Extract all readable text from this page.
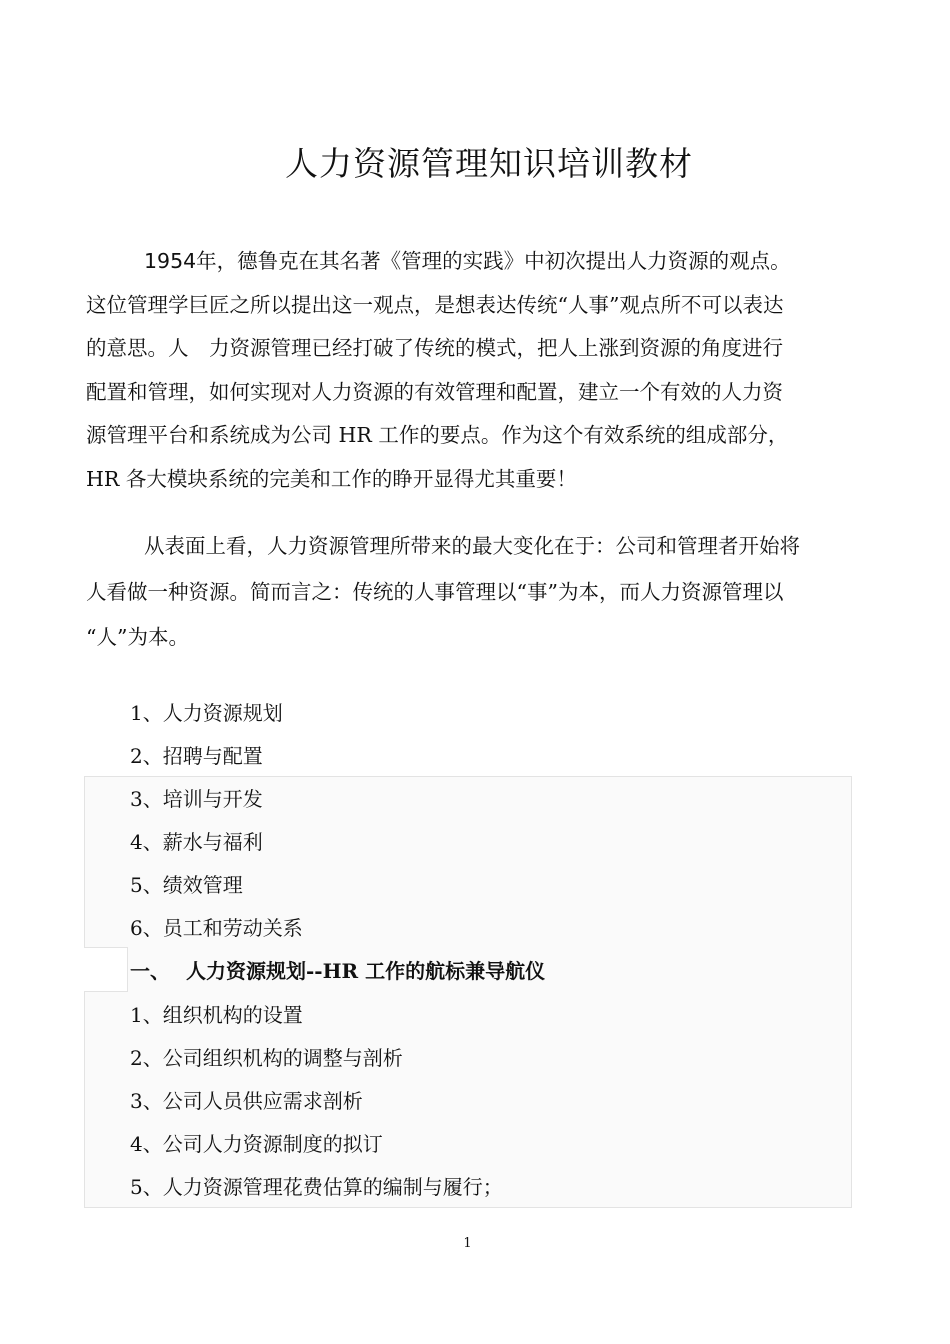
人力资源管理知识培训教材
1954年，德鲁克在其名著《管理的实践》中初次提出人力资源的观点。
这位管理学巨匠之所以提出这一观点，是想表达传统“人事”观点所不可以表达
的意思。人　力资源管理已经打破了传统的模式，把人上涨到资源的角度进行
配置和管理，如何实现对人力资源的有效管理和配置，建立一个有效的人力资
源管理平台和系统成为公司 HR 工作的要点。作为这个有效系统的组成部分，
HR 各大模块系统的完美和工作的睁开显得尤其重要！
从表面上看，人力资源管理所带来的最大变化在于：公司和管理者开始将
人看做一种资源。简而言之：传统的人事管理以“事”为本，而人力资源管理以
“人”为本。
1、人力资源规划
2、招聘与配置
3、培训与开发
4、薪水与福利
5、绩效管理
6、员工和劳动关系
一、 人力资源规划--HR 工作的航标兼导航仪
1、组织机构的设置
2、公司组织机构的调整与剖析
3、公司人员供应需求剖析
4、公司人力资源制度的拟订
5、人力资源管理花费估算的编制与履行；
1
